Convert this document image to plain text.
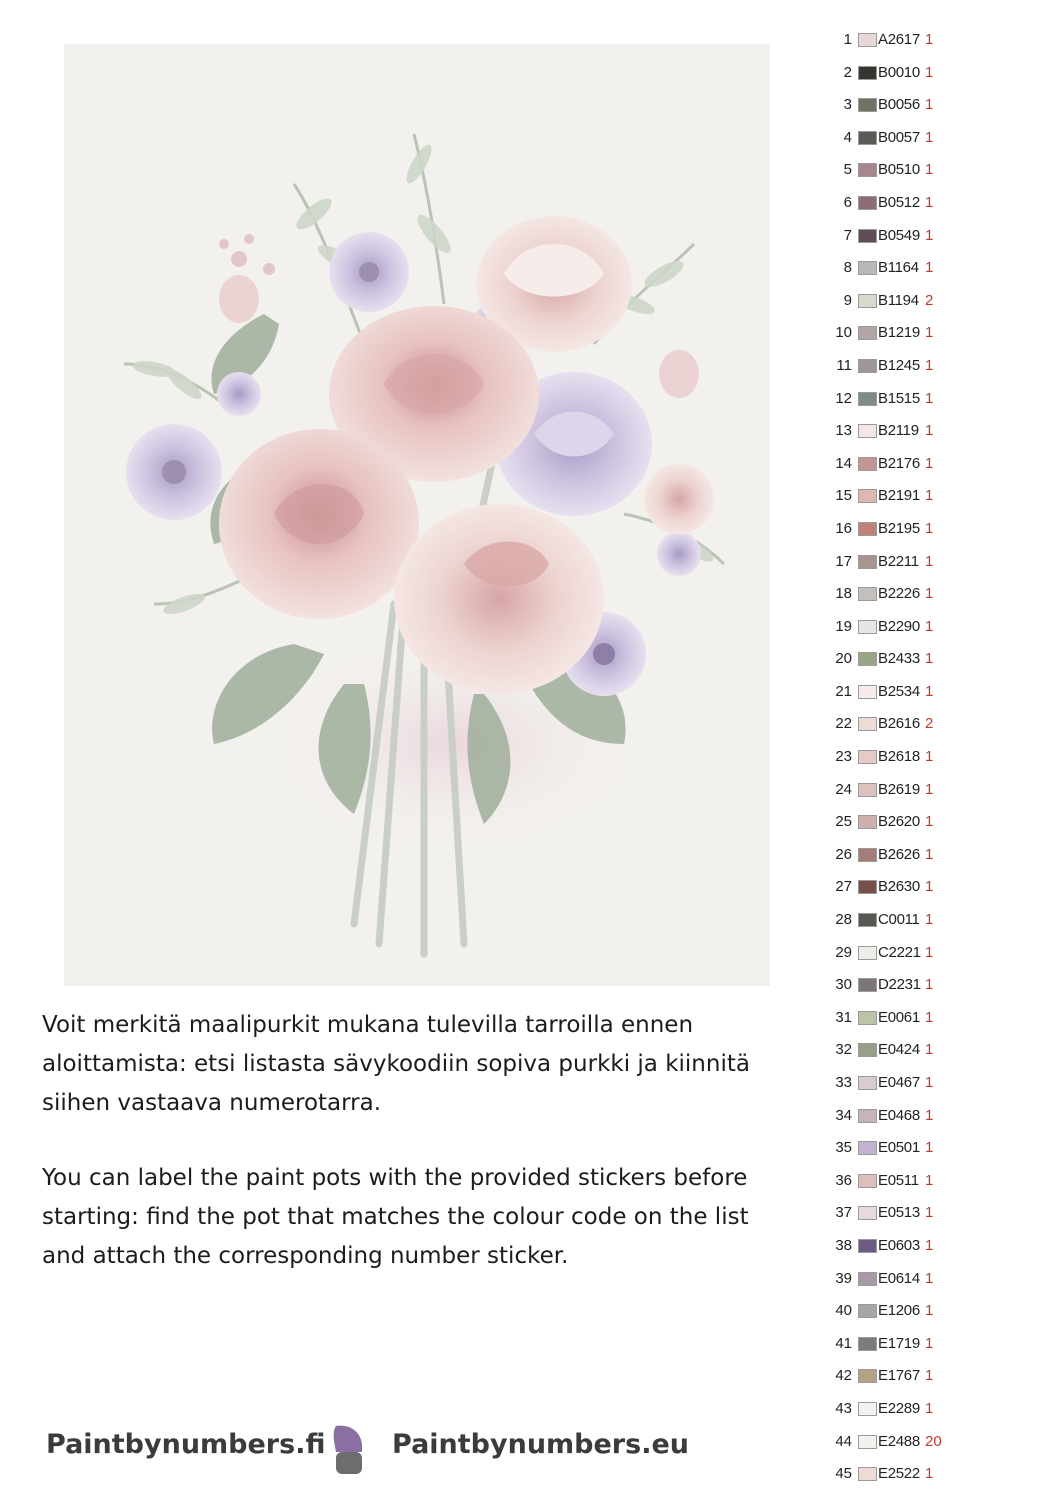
Voit merkitä maalipurkit mukana tulevilla tarroilla ennen aloittamista: etsi listasta sävykoodiin sopiva purkki ja kiinnitä siihen vastaava numerotarra.

You can label the paint pots with the provided stickers before starting: find the pot that matches the colour code on the list and attach the corresponding number sticker.

Paintbynumbers.fi Paintbynumbers.eu
1 A2617 1
2 B0010 1
3 B0056 1
4 B0057 1
5 B0510 1
6 B0512 1
7 B0549 1
8 B1164 1
9 B1194 2
10 B1219 1
11 B1245 1
12 B1515 1
13 B2119 1
14 B2176 1
15 B2191 1
16 B2195 1
17 B2211 1
18 B2226 1
19 B2290 1
20 B2433 1
21 B2534 1
22 B2616 2
23 B2618 1
24 B2619 1
25 B2620 1
26 B2626 1
27 B2630 1
28 C0011 1
29 C2221 1
30 D2231 1
31 E0061 1
32 E0424 1
33 E0467 1
34 E0468 1
35 E0501 1
36 E0511 1
37 E0513 1
38 E0603 1
39 E0614 1
40 E1206 1
41 E1719 1
42 E1767 1
43 E2289 1
44 E2488 20
45 E2522 1
